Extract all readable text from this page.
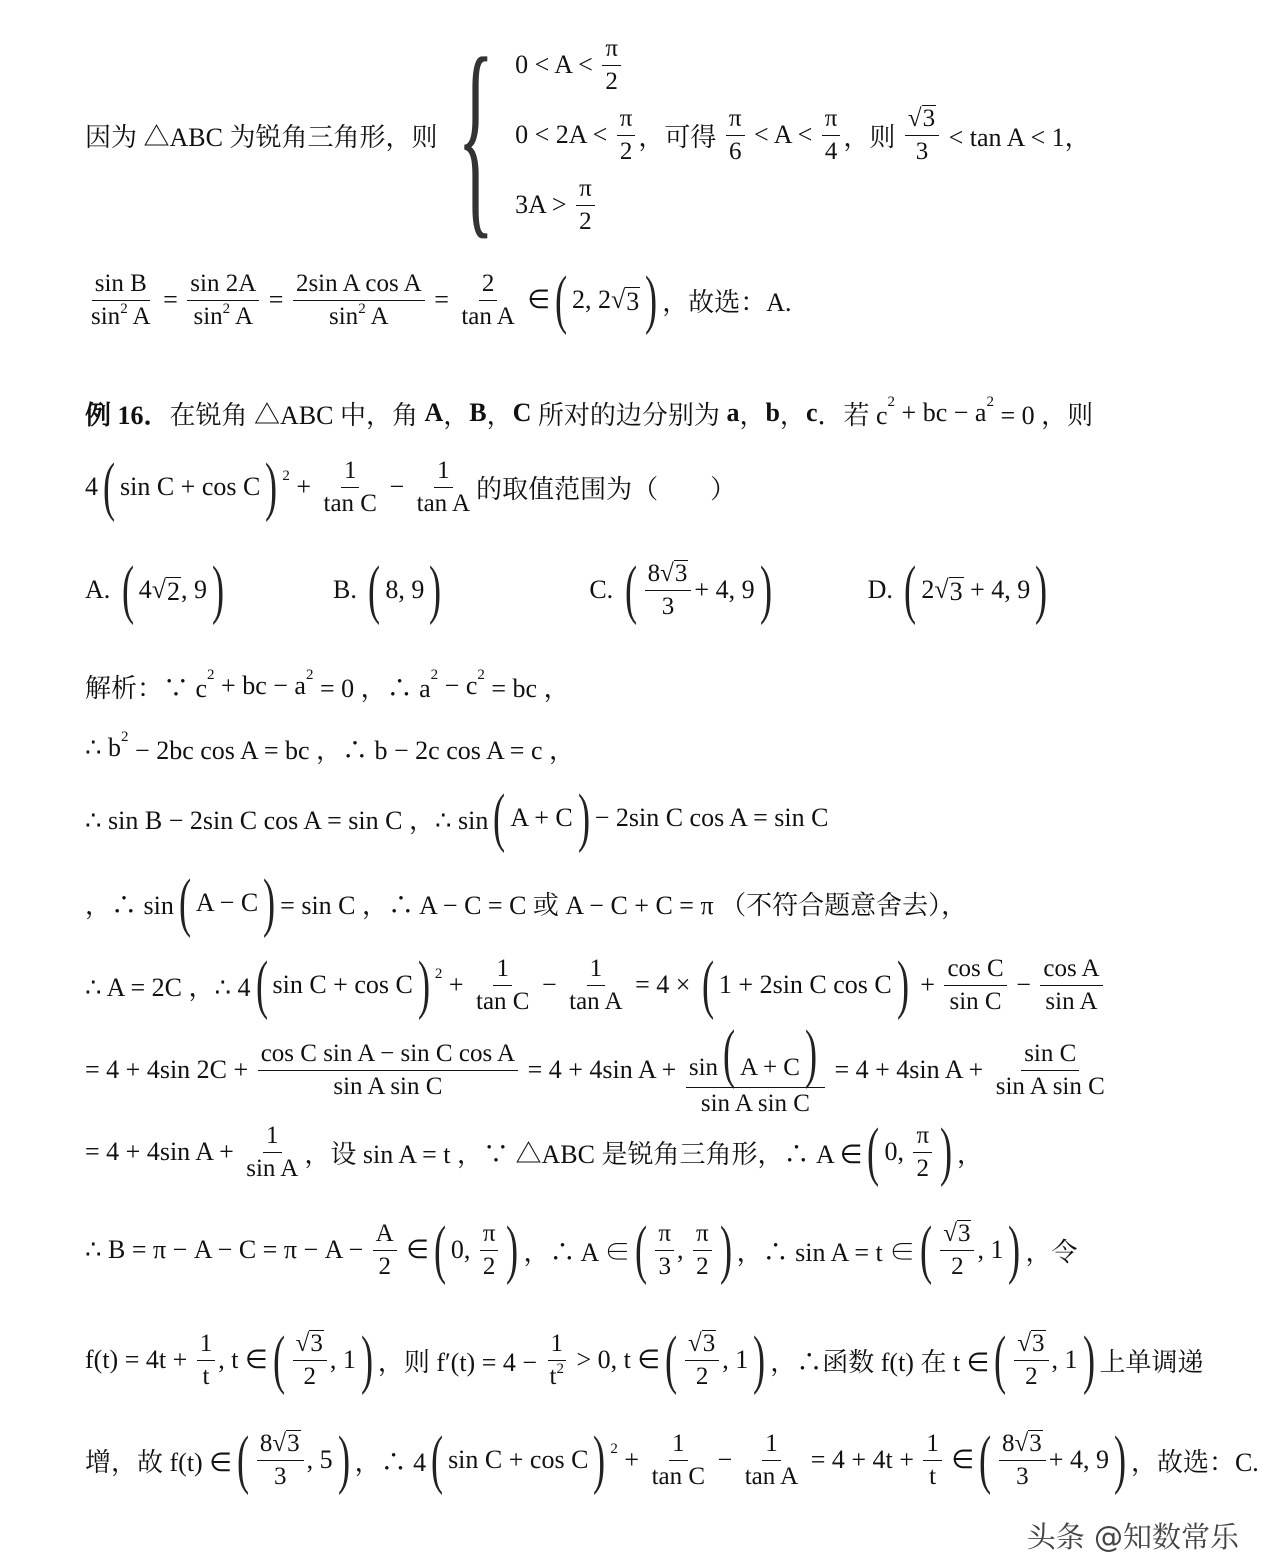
因为 △ABC 为锐角三角形，则 { $0 < A < \frac{\pi}{2}$
$0 < 2A < \frac{\pi}{2}$
$3A > \frac{\pi}{2}$
，可得 $\frac{\pi}{6} < A < \frac{\pi}{4}$ ，则 $\frac{√ 3}{3} < \tan A < 1$，
$\frac{\text{sin B}}{\sin^2 A} = \frac{\sin 2A}{\sin^2 A} = \frac{\text{2sin A cos A}}{\sin^2 A} = \frac{2}{\text{tan A}}$ ∈ ( 2, 2 √ 3 ) ，故选：A.
例 16． 在锐角 △ABC 中，角 A ， B ， C 所对的边分别为 a ， b ， c ．若 c 2 + bc − a 2 = 0 ，则
4 ( sin C + cos C ) $2 + \frac{1}{\text{tan C}} - \frac{1}{\text{tan A}}$ 的取值范围为（　　）
A. ( 4 √ 2 , 9 ) B. ( 8, 9 ) C. ( $\frac{8 √ 3}{3} + 4$, 9 ) D. ( 2 √ 3 + 4, 9 )
解析：∵ c 2 + bc − a 2 = 0 ，∴ a 2 − c 2 = bc ，
∴ b 2 − 2bc cos A = bc ，∴ b − 2c cos A = c ，
∴ sin B − 2sin C cos A = sin C ，∴ sin ( A + C ) − 2sin C cos A = sin C
，∴ sin ( A − C ) = sin C ，∴ A − C = C 或 A − C + C = π （不符合题意舍去），
∴ A = 2C ，∴ 4 ( sin C + cos C ) $2 + \frac{1}{\text{tan C}} - \frac{1}{\text{tan A}} = 4$ × ( 1 + 2sin C cos C ) + $\frac{\text{cos C}}{\text{sin C}} - \frac{\text{cos A}}{\text{sin A}}$
= 4 + 4sin $2C + \frac{\text{cos C sin A − sin C cos A}}{\text{sin A sin C}} = 4 + 4\sin$ $A + \frac{\sin( A + C)}{\text{sin A sin C}} = 4 + 4\sin$ $A + \frac{\text{sin C}}{\text{sin A sin C}}$
= 4 + 4sin $A + \frac{1}{\text{sin A}}$ ，设 sin A = t ，∵ △ABC 是锐角三角形，∴ A ∈ ( 0, $\frac{\pi}{2}$ ) ，
∴ $B = \pi - A - C = \pi - A - \frac{A}{2}$ ∈ ( 0, $\frac{\pi}{2}$ ) ，∴ A ∈ ( $\frac{\pi}{3}$ , $\frac{\pi}{2}$ ) ，∴ sin A = t ∈ ( $\frac{√ 3}{2}$ , 1 ) ，令
$f(t) = 4t + \frac{1}{t}$ , t ∈ ( $\frac{√ 3}{2}$ , 1 ) ，则 $f'(t) = 4 - \frac{1}{t^2} > 0$, t ∈ ( $\frac{√ 3}{2}$ , 1 ) ，∴函数 f(t) 在 t ∈ ( $\frac{√ 3}{2}$ , 1 ) 上单调递
增，故 f(t) ∈ ( $\frac{8 √ 3}{3}$ , 5 ) ，∴ 4 ( sin C + cos C ) $2 + \frac{1}{\text{tan C}} - \frac{1}{\text{tan A}} = 4 + 4t + \frac{1}{t}$ ∈ ( $\frac{8 √ 3}{3} + 4$, 9 ) ，故选：C.
头条 @知数常乐
